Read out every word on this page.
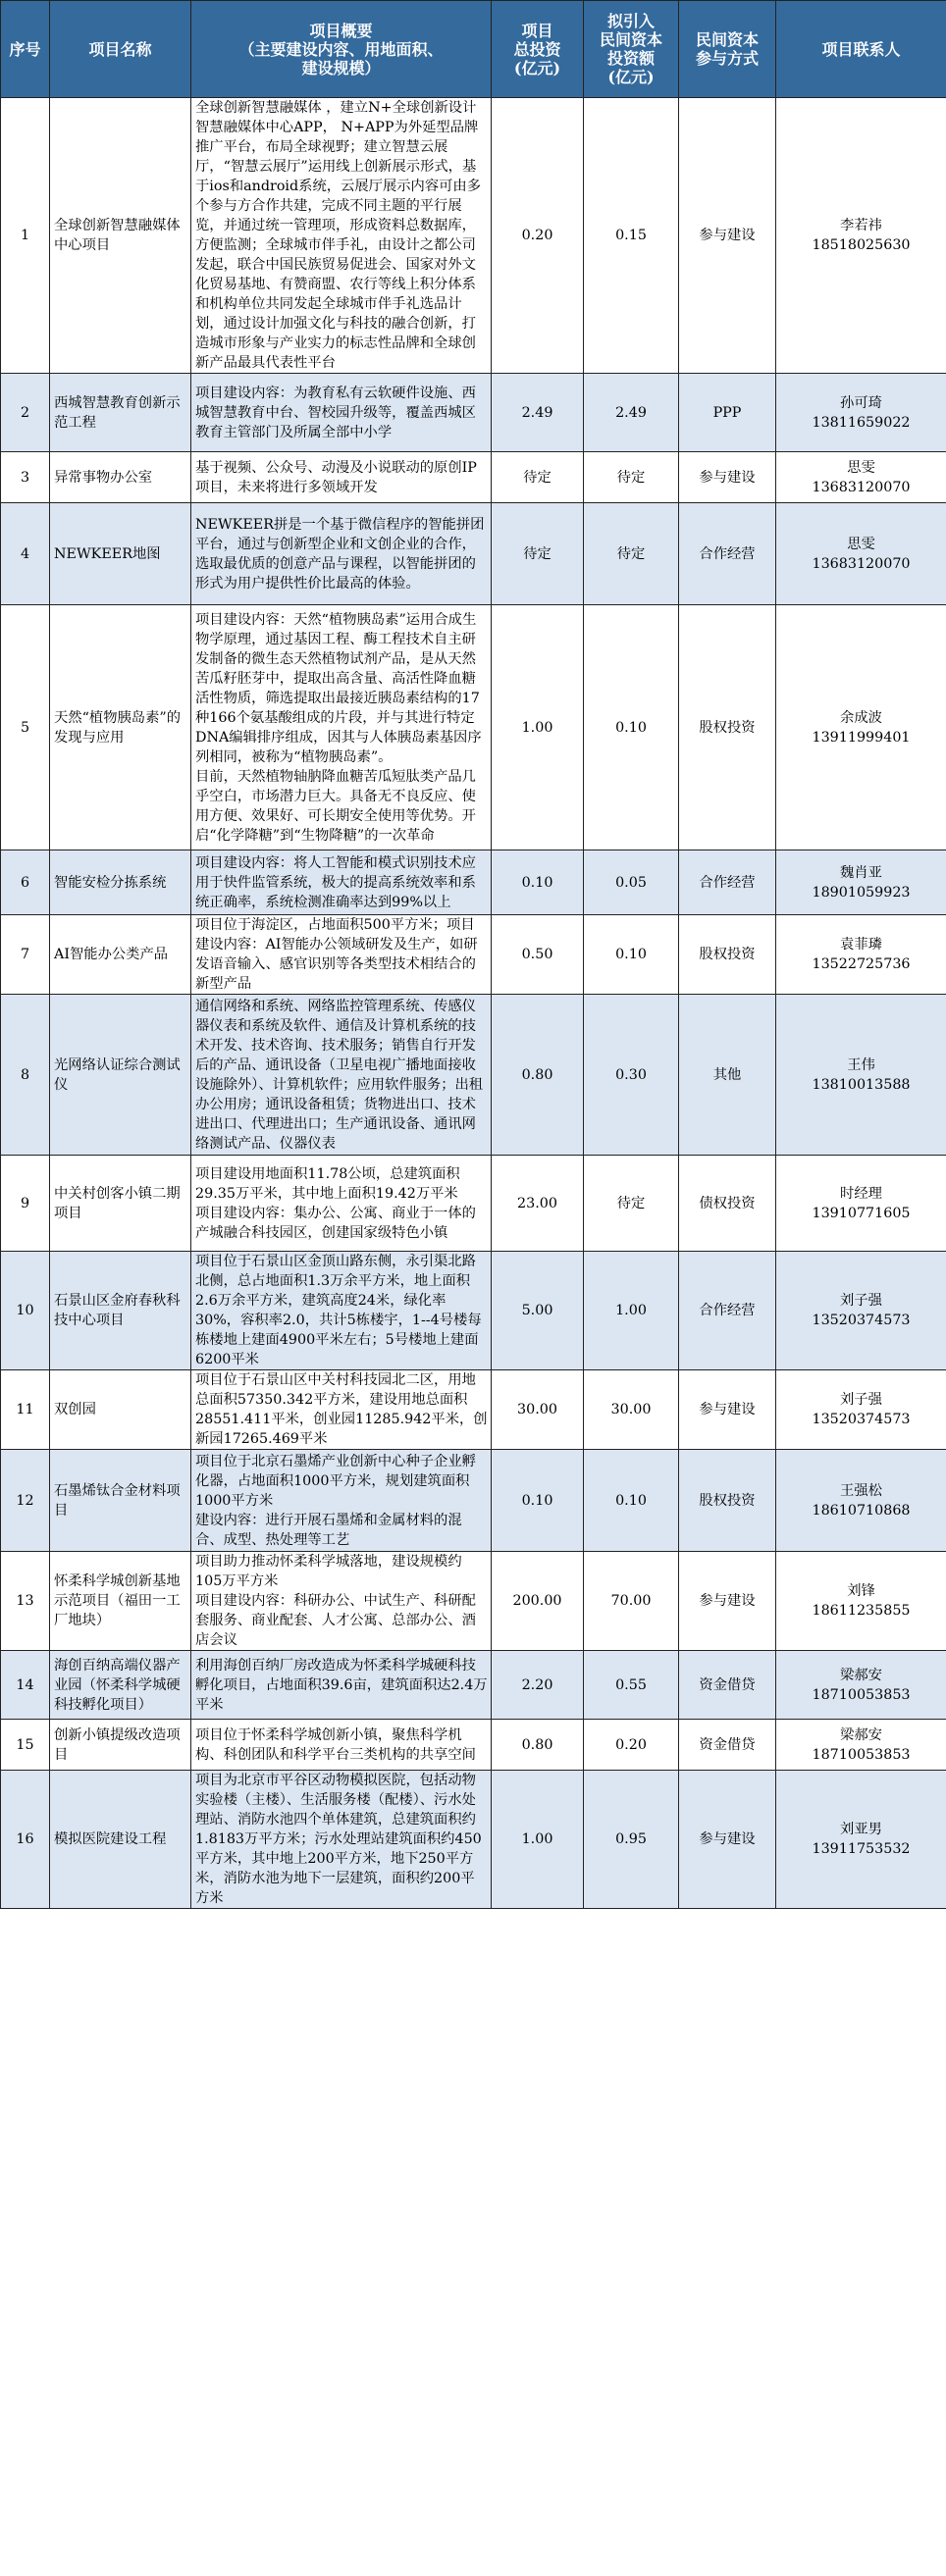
序号	项目名称	项目概要
（主要建设内容、用地面积、
建设规模）	项目
总投资
(亿元)	拟引入
民间资本
投资额
(亿元)	民间资本
参与方式	项目联系人
1	全球创新智慧融媒体中心项目	全球创新智慧融媒体 ，建立N+全球创新设计智慧融媒体中心APP， N+APP为外延型品牌推广平台，布局全球视野；建立智慧云展厅，“智慧云展厅”运用线上创新展示形式，基于ios和android系统，云展厅展示内容可由多个参与方合作共建，完成不同主题的平行展览，并通过统一管理项，形成资料总数据库，方便监测；全球城市伴手礼，由设计之都公司发起，联合中国民族贸易促进会、国家对外文化贸易基地、有赞商盟、农行等线上积分体系和机构单位共同发起全球城市伴手礼选品计划，通过设计加强文化与科技的融合创新，打造城市形象与产业实力的标志性品牌和全球创新产品最具代表性平台	0.20	0.15	参与建设	李若祎
18518025630

2	西城智慧教育创新示范工程	项目建设内容：为教育私有云软硬件设施、西城智慧教育中台、智校园升级等，覆盖西城区教育主管部门及所属全部中小学	2.49	2.49	PPP	孙可琦
13811659022

3	异常事物办公室	基于视频、公众号、动漫及小说联动的原创IP项目，未来将进行多领域开发	待定	待定	参与建设	思雯
13683120070

4	NEWKEER地图	NEWKEER拼是一个基于微信程序的智能拼团平台，通过与创新型企业和文创企业的合作，选取最优质的创意产品与课程，以智能拼团的形式为用户提供性价比最高的体验。	待定	待定	合作经营	思雯
13683120070

5	天然“植物胰岛素”的发现与应用	项目建设内容：天然“植物胰岛素”运用合成生物学原理，通过基因工程、酶工程技术自主研发制备的微生态天然植物试剂产品，是从天然苦瓜籽胚芽中，提取出高含量、高活性降血糖活性物质，筛选提取出最接近胰岛素结构的17种166个氨基酸组成的片段，并与其进行特定DNA编辑排序组成，因其与人体胰岛素基因序列相同，被称为“植物胰岛素”。
目前，天然植物轴肭降血糖苦瓜短肽类产品几乎空白，市场潜力巨大。具备无不良反应、使用方便、效果好、可长期安全使用等优势。开启“化学降糖”到“生物降糖”的一次革命	1.00	0.10	股权投资	余成波
13911999401

6	智能安检分拣系统	项目建设内容：将人工智能和模式识别技术应用于快件监管系统，极大的提高系统效率和系统正确率，系统检测准确率达到99%以上	0.10	0.05	合作经营	魏肖亚
18901059923

7	AI智能办公类产品	项目位于海淀区，占地面积500平方米；项目建设内容：AI智能办公领域研发及生产，如研发语音输入、感官识别等各类型技术相结合的新型产品	0.50	0.10	股权投资	袁菲璘
13522725736

8	光网络认证综合测试仪	通信网络和系统、网络监控管理系统、传感仪器仪表和系统及软件、通信及计算机系统的技术开发、技术咨询、技术服务；销售自行开发后的产品、通讯设备（卫星电视广播地面接收设施除外）、计算机软件；应用软件服务；出租办公用房；通讯设备租赁；货物进出口、技术进出口、代理进出口；生产通讯设备、通讯网络测试产品、仪器仪表	0.80	0.30	其他	王伟
13810013588

9	中关村创客小镇二期项目	项目建设用地面积11.78公顷，总建筑面积29.35万平米，其中地上面积19.42万平米
项目建设内容：集办公、公寓、商业于一体的产城融合科技园区，创建国家级特色小镇	23.00	待定	债权投资	时经理
13910771605

10	石景山区金府春秋科技中心项目	项目位于石景山区金顶山路东侧，永引渠北路北侧，总占地面积1.3万余平方米，地上面积2.6万余平方米，建筑高度24米，绿化率30%，容积率2.0，共计5栋楼宇，1--4号楼每栋楼地上建面4900平米左右；5号楼地上建面6200平米	5.00	1.00	合作经营	刘子强
13520374573

11	双创园	项目位于石景山区中关村科技园北二区，用地总面积57350.342平方米，建设用地总面积28551.411平米，创业园11285.942平米，创新园17265.469平米	30.00	30.00	参与建设	刘子强
13520374573

12	石墨烯钛合金材料项目	项目位于北京石墨烯产业创新中心种子企业孵化器，占地面积1000平方米，规划建筑面积1000平方米
建设内容：进行开展石墨烯和金属材料的混合、成型、热处理等工艺	0.10	0.10	股权投资	王强松
18610710868

13	怀柔科学城创新基地示范项目（福田一工厂地块）	项目助力推动怀柔科学城落地，建设规模约105万平方米
项目建设内容：科研办公、中试生产、科研配套服务、商业配套、人才公寓、总部办公、酒店会议	200.00	70.00	参与建设	刘锋
18611235855

14	海创百纳高端仪器产业园（怀柔科学城硬科技孵化项目）	利用海创百纳厂房改造成为怀柔科学城硬科技孵化项目，占地面积39.6亩，建筑面积达2.4万平米	2.20	0.55	资金借贷	梁郝安
18710053853

15	创新小镇提级改造项目	项目位于怀柔科学城创新小镇，聚焦科学机构、科创团队和科学平台三类机构的共享空间	0.80	0.20	资金借贷	梁郝安
18710053853

16	模拟医院建设工程	项目为北京市平谷区动物模拟医院，包括动物实验楼（主楼）、生活服务楼（配楼）、污水处理站、消防水池四个单体建筑，总建筑面积约1.8183万平方米；污水处理站建筑面积约450平方米，其中地上200平方米，地下250平方米，消防水池为地下一层建筑，面积约200平方米	1.00	0.95	参与建设	刘亚男
13911753532
